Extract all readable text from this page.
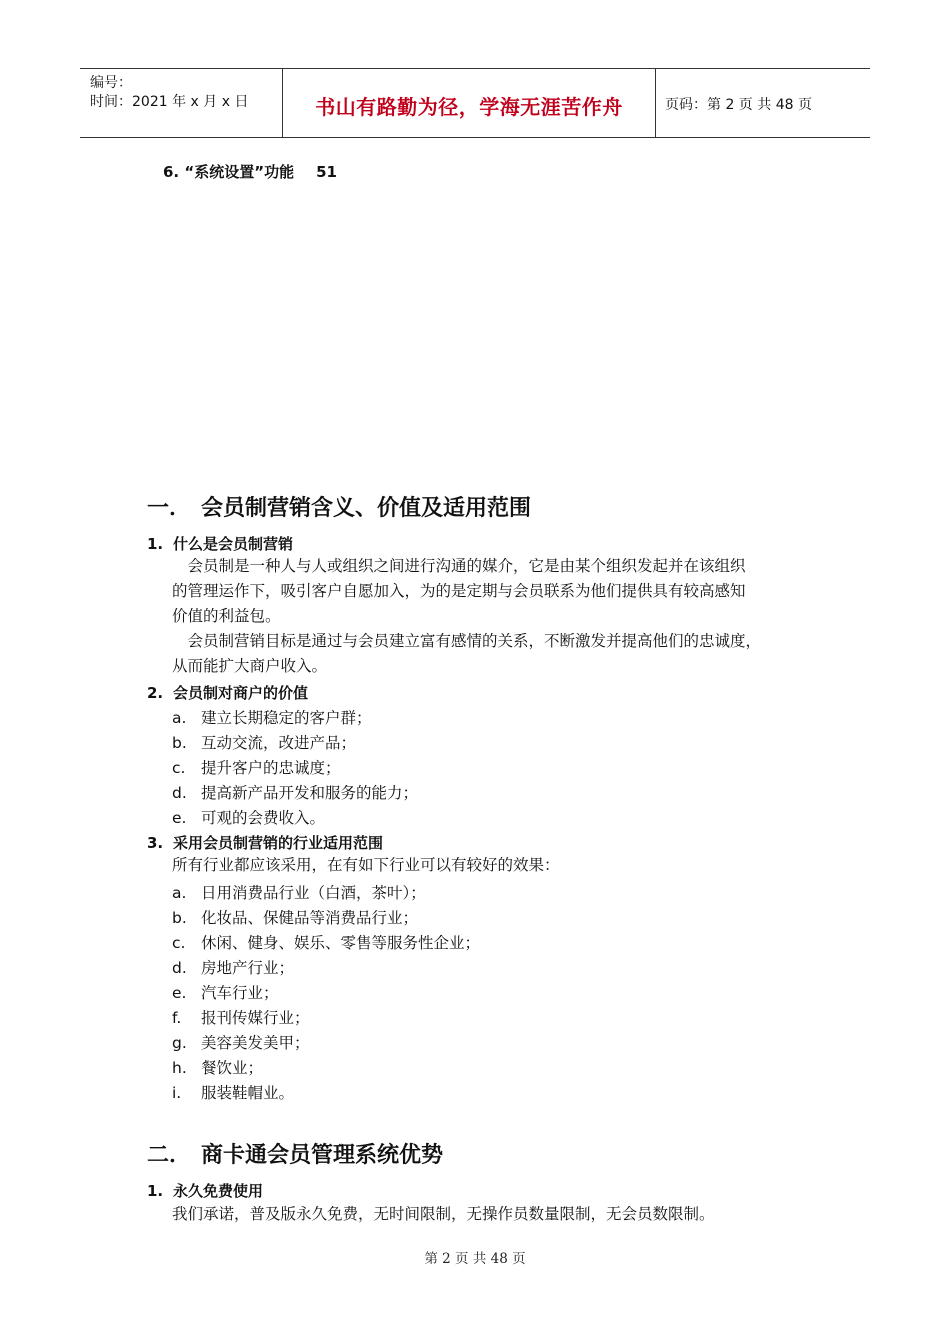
编号：
时间：2021 年 x 月 x 日	书山有路勤为径，学海无涯苦作舟	页码：第 2 页 共 48 页
6. “系统设置”功能 51
一． 会员制营销含义、价值及适用范围
1. 什么是会员制营销
　会员制是一种人与人或组织之间进行沟通的媒介，它是由某个组织发起并在该组织
的管理运作下，吸引客户自愿加入，为的是定期与会员联系为他们提供具有较高感知
价值的利益包。
　会员制营销目标是通过与会员建立富有感情的关系，不断激发并提高他们的忠诚度，
从而能扩大商户收入。
2. 会员制对商户的价值
a. 建立长期稳定的客户群；
b. 互动交流，改进产品；
c. 提升客户的忠诚度；
d. 提高新产品开发和服务的能力；
e. 可观的会费收入。
3. 采用会员制营销的行业适用范围
所有行业都应该采用，在有如下行业可以有较好的效果：
a. 日用消费品行业（白酒，茶叶）；
b. 化妆品、保健品等消费品行业；
c. 休闲、健身、娱乐、零售等服务性企业；
d. 房地产行业；
e. 汽车行业；
f. 报刊传媒行业；
g. 美容美发美甲；
h. 餐饮业；
i. 服装鞋帽业。
二． 商卡通会员管理系统优势
1. 永久免费使用
我们承诺，普及版永久免费，无时间限制，无操作员数量限制，无会员数限制。
第 2 页 共 48 页
